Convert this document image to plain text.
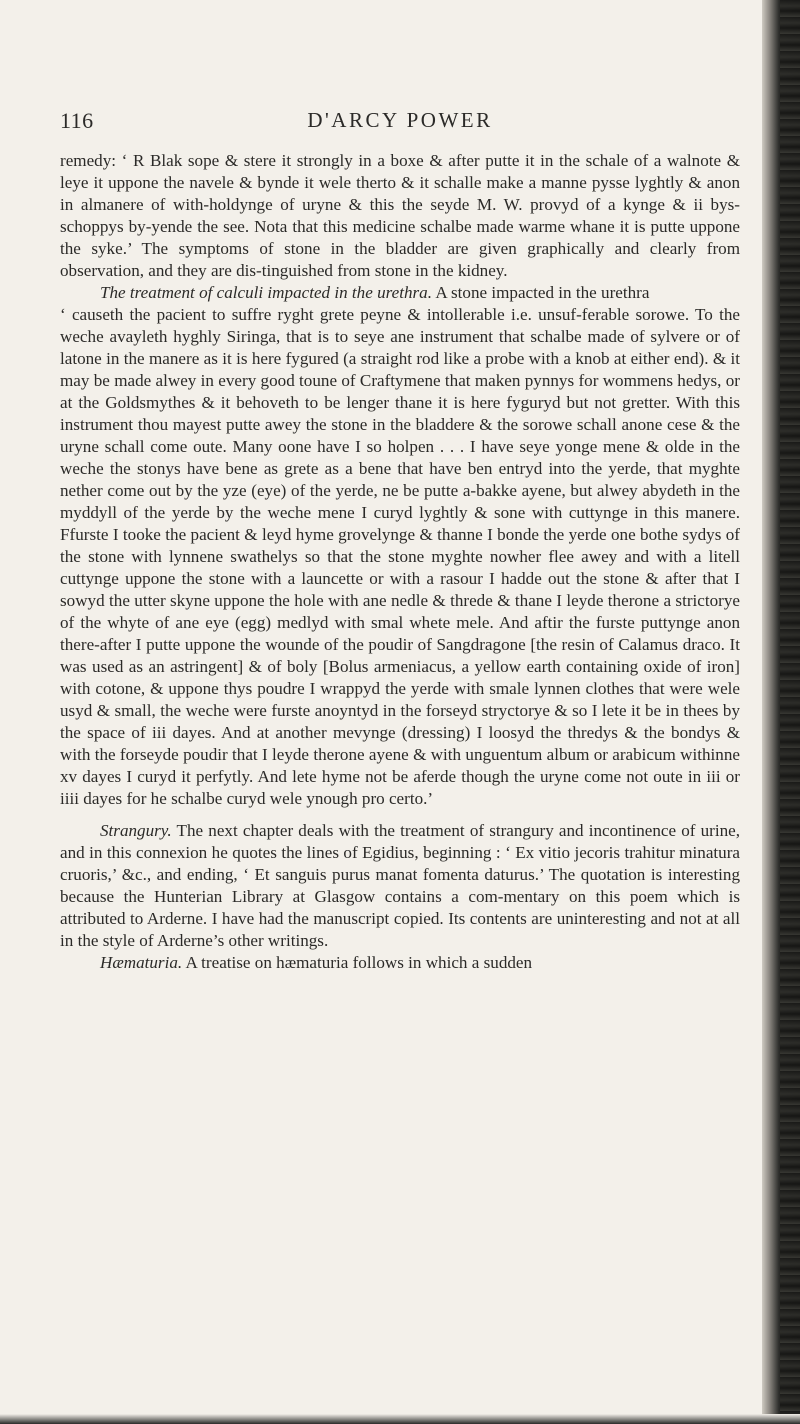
116	D'ARCY POWER

remedy: ‘ R Blak sope & stere it strongly in a boxe & after putte it in the schale of a walnote & leye it uppone the navele & bynde it wele therto & it schalle make a manne pysse lyghtly & anon in almanere of with-holdynge of uryne & this the seyde M. W. provyd of a kynge & ii bys-schoppys by-yende the see. Nota that this medicine schalbe made warme whane it is putte uppone the syke.’ The symptoms of stone in the bladder are given graphically and clearly from observation, and they are dis-tinguished from stone in the kidney.

The treatment of calculi impacted in the urethra. A stone impacted in the urethra

‘ causeth the pacient to suffre ryght grete peyne & intollerable i.e. unsuf-ferable sorowe. To the weche avayleth hyghly Siringa, that is to seye ane instrument that schalbe made of sylvere or of latone in the manere as it is here fygured (a straight rod like a probe with a knob at either end). & it may be made alwey in every good toune of Craftymene that maken pynnys for wommens hedys, or at the Goldsmythes & it behoveth to be lenger thane it is here fyguryd but not gretter. With this instrument thou mayest putte awey the stone in the bladdere & the sorowe schall anone cese & the uryne schall come oute. Many oone have I so holpen . . . I have seye yonge mene & olde in the weche the stonys have bene as grete as a bene that have ben entryd into the yerde, that myghte nether come out by the yze (eye) of the yerde, ne be putte a-bakke ayene, but alwey abydeth in the myddyll of the yerde by the weche mene I curyd lyghtly & sone with cuttynge in this manere. Ffurste I tooke the pacient & leyd hyme grovelynge & thanne I bonde the yerde one bothe sydys of the stone with lynnene swathelys so that the stone myghte nowher flee awey and with a litell cuttynge uppone the stone with a launcette or with a rasour I hadde out the stone & after that I sowyd the utter skyne uppone the hole with ane nedle & threde & thane I leyde therone a strictorye of the whyte of ane eye (egg) medlyd with smal whete mele. And aftir the furste puttynge anon there-after I putte uppone the wounde of the poudir of Sangdragone [the resin of Calamus draco. It was used as an astringent] & of boly [Bolus armeniacus, a yellow earth containing oxide of iron] with cotone, & uppone thys poudre I wrappyd the yerde with smale lynnen clothes that were wele usyd & small, the weche were furste anoyntyd in the forseyd stryctorye & so I lete it be in thees by the space of iii dayes. And at another mevynge (dressing) I loosyd the thredys & the bondys & with the forseyde poudir that I leyde therone ayene & with unguentum album or arabicum withinne xv dayes I curyd it perfytly. And lete hyme not be aferde though the uryne come not oute in iii or iiii dayes for he schalbe curyd wele ynough pro certo.’

Strangury. The next chapter deals with the treatment of strangury and incontinence of urine, and in this connexion he quotes the lines of Egidius, beginning : ‘ Ex vitio jecoris trahitur minatura cruoris,’ &c., and ending, ‘ Et sanguis purus manat fomenta daturus.’ The quotation is interesting because the Hunterian Library at Glasgow contains a com-mentary on this poem which is attributed to Arderne. I have had the manuscript copied. Its contents are uninteresting and not at all in the style of Arderne’s other writings.

Hæmaturia. A treatise on hæmaturia follows in which a sudden
